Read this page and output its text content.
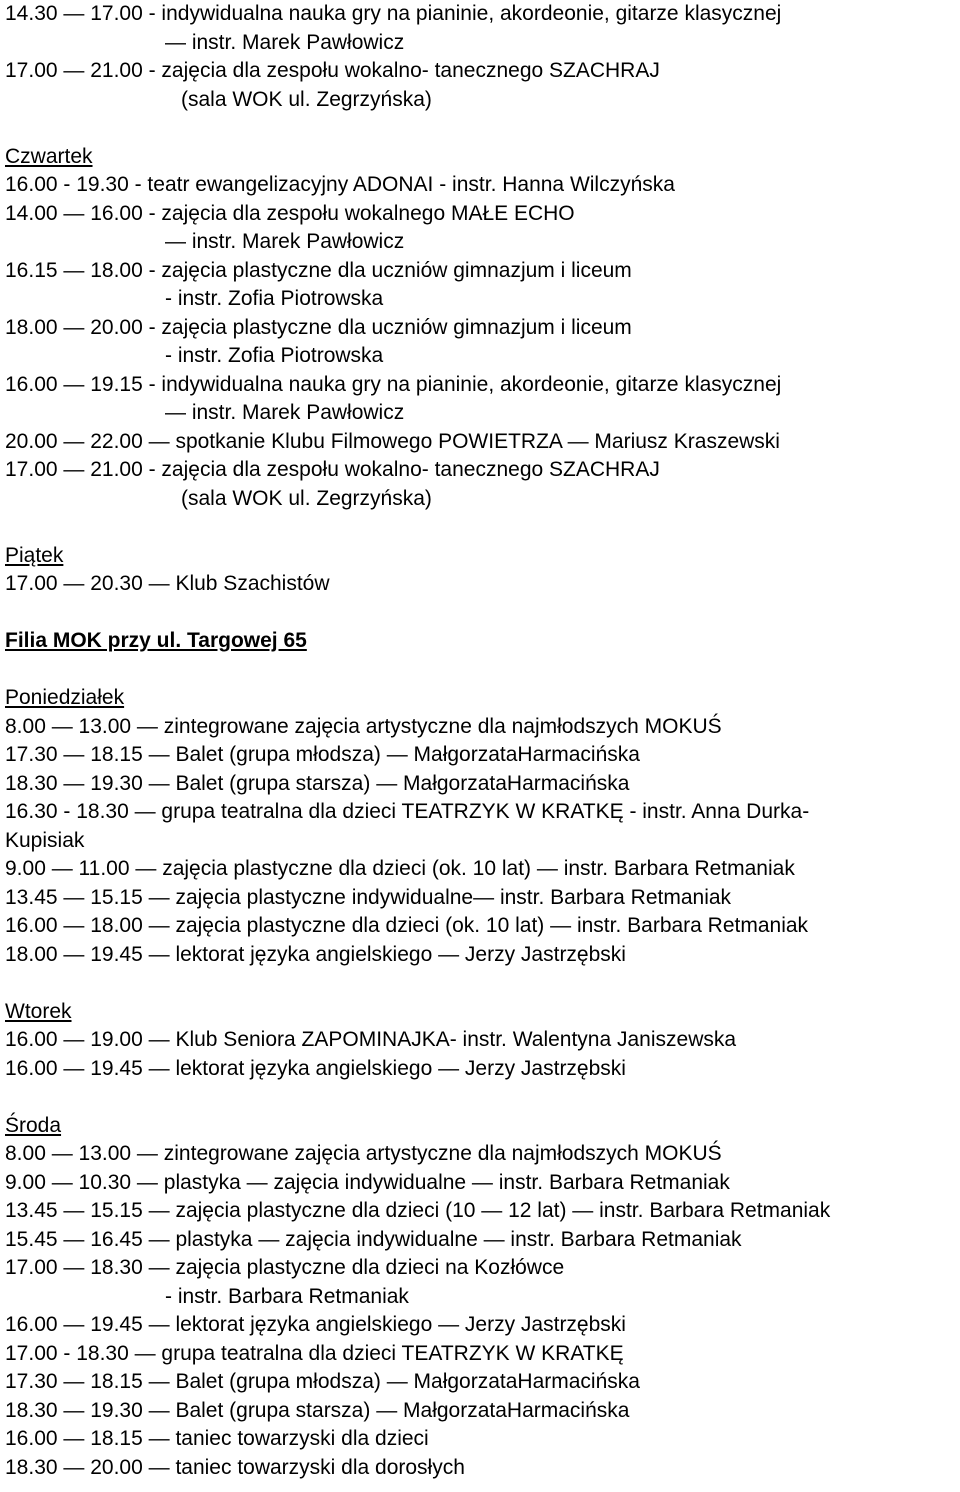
14.30 — 17.00 - indywidualna nauka gry na pianinie, akordeonie, gitarze klasycznej
— instr. Marek Pawłowicz
17.00 — 21.00 - zajęcia dla zespołu wokalno- tanecznego SZACHRAJ
(sala WOK ul. Zegrzyńska)
Czwartek
16.00 - 19.30 - teatr ewangelizacyjny ADONAI - instr. Hanna Wilczyńska
14.00 — 16.00 - zajęcia dla zespołu wokalnego MAŁE ECHO
— instr. Marek Pawłowicz
16.15 — 18.00 - zajęcia plastyczne dla uczniów gimnazjum i liceum
- instr. Zofia Piotrowska
18.00 — 20.00 - zajęcia plastyczne dla uczniów gimnazjum i liceum
- instr. Zofia Piotrowska
16.00 — 19.15 - indywidualna nauka gry na pianinie, akordeonie, gitarze klasycznej
— instr. Marek Pawłowicz
20.00 — 22.00 — spotkanie Klubu Filmowego POWIETRZA — Mariusz Kraszewski
17.00 — 21.00 - zajęcia dla zespołu wokalno- tanecznego SZACHRAJ
(sala WOK ul. Zegrzyńska)
Piątek
17.00 — 20.30 — Klub Szachistów
Filia MOK przy ul. Targowej 65
Poniedziałek
8.00 — 13.00 — zintegrowane zajęcia artystyczne dla najmłodszych MOKUŚ
17.30 — 18.15 — Balet (grupa młodsza) — MałgorzataHarmacińska
18.30 — 19.30 — Balet (grupa starsza) — MałgorzataHarmacińska
16.30 - 18.30 — grupa teatralna dla dzieci TEATRZYK W KRATKĘ - instr. Anna Durka-
Kupisiak
9.00 — 11.00 — zajęcia plastyczne dla dzieci (ok. 10 lat) — instr. Barbara Retmaniak
13.45 — 15.15 — zajęcia plastyczne indywidualne— instr. Barbara Retmaniak
16.00 — 18.00 — zajęcia plastyczne dla dzieci (ok. 10 lat) — instr. Barbara Retmaniak
18.00 — 19.45 — lektorat języka angielskiego — Jerzy Jastrzębski
Wtorek
16.00 — 19.00 — Klub Seniora ZAPOMINAJKA- instr. Walentyna Janiszewska
16.00 — 19.45 — lektorat języka angielskiego — Jerzy Jastrzębski
Środa
8.00 — 13.00 — zintegrowane zajęcia artystyczne dla najmłodszych MOKUŚ
9.00 — 10.30 — plastyka — zajęcia indywidualne — instr. Barbara Retmaniak
13.45 — 15.15 — zajęcia plastyczne dla dzieci (10 — 12 lat) — instr. Barbara Retmaniak
15.45 — 16.45 — plastyka — zajęcia indywidualne — instr. Barbara Retmaniak
17.00 — 18.30 — zajęcia plastyczne dla dzieci na Kozłówce
- instr. Barbara Retmaniak
16.00 — 19.45 — lektorat języka angielskiego — Jerzy Jastrzębski
17.00 - 18.30 — grupa teatralna dla dzieci TEATRZYK W KRATKĘ
17.30 — 18.15 — Balet (grupa młodsza) — MałgorzataHarmacińska
18.30 — 19.30 — Balet (grupa starsza) — MałgorzataHarmacińska
16.00 — 18.15 — taniec towarzyski dla dzieci
18.30 — 20.00 — taniec towarzyski dla dorosłych
